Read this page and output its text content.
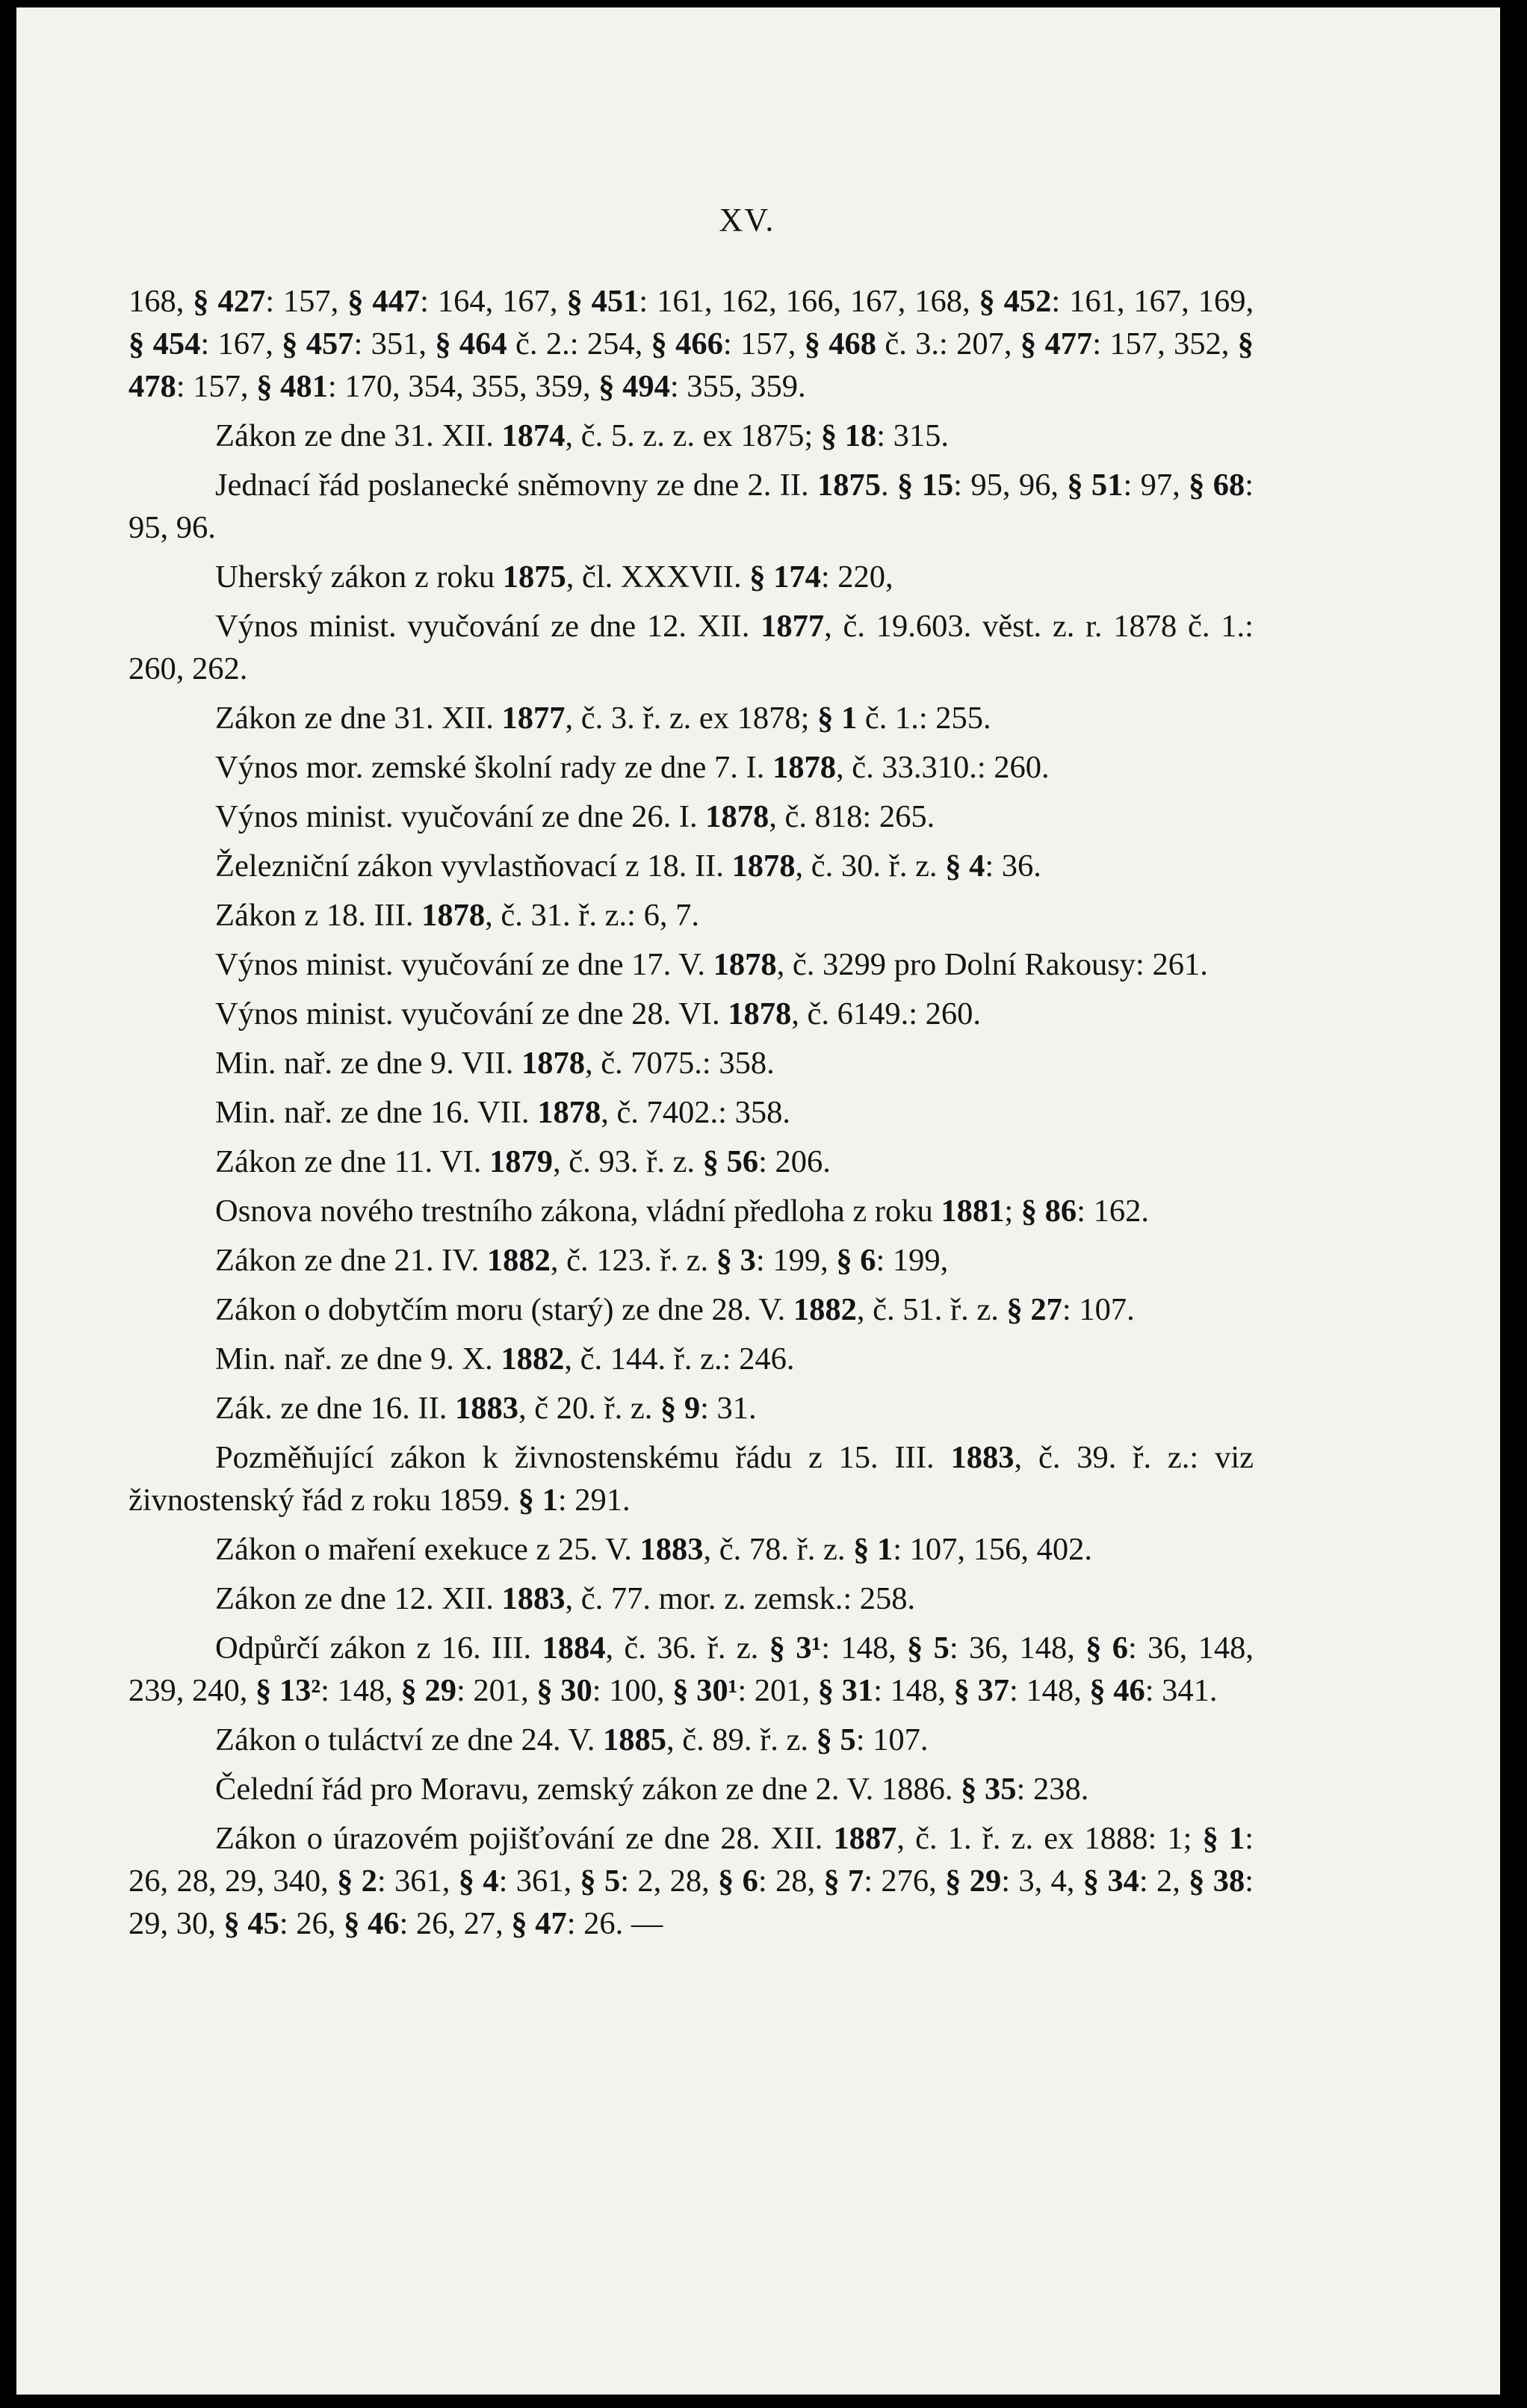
XV.

168, § 427: 157, § 447: 164, 167, § 451: 161, 162, 166, 167, 168, § 452: 161, 167, 169, § 454: 167, § 457: 351, § 464 č. 2.: 254, § 466: 157, § 468 č. 3.: 207, § 477: 157, 352, § 478: 157, § 481: 170, 354, 355, 359, § 494: 355, 359.

Zákon ze dne 31. XII. 1874, č. 5. z. z. ex 1875; § 18: 315.

Jednací řád poslanecké sněmovny ze dne 2. II. 1875. § 15: 95, 96, § 51: 97, § 68: 95, 96.

Uherský zákon z roku 1875, čl. XXXVII. § 174: 220,

Výnos minist. vyučování ze dne 12. XII. 1877, č. 19.603. věst. z. r. 1878 č. 1.: 260, 262.

Zákon ze dne 31. XII. 1877, č. 3. ř. z. ex 1878; § 1 č. 1.: 255.

Výnos mor. zemské školní rady ze dne 7. I. 1878, č. 33.310.: 260.

Výnos minist. vyučování ze dne 26. I. 1878, č. 818: 265.

Železniční zákon vyvlastňovací z 18. II. 1878, č. 30. ř. z. § 4: 36.

Zákon z 18. III. 1878, č. 31. ř. z.: 6, 7.

Výnos minist. vyučování ze dne 17. V. 1878, č. 3299 pro Dolní Rakousy: 261.

Výnos minist. vyučování ze dne 28. VI. 1878, č. 6149.: 260.

Min. nař. ze dne 9. VII. 1878, č. 7075.: 358.

Min. nař. ze dne 16. VII. 1878, č. 7402.: 358.

Zákon ze dne 11. VI. 1879, č. 93. ř. z. § 56: 206.

Osnova nového trestního zákona, vládní předloha z roku 1881; § 86: 162.

Zákon ze dne 21. IV. 1882, č. 123. ř. z. § 3: 199, § 6: 199,

Zákon o dobytčím moru (starý) ze dne 28. V. 1882, č. 51. ř. z. § 27: 107.

Min. nař. ze dne 9. X. 1882, č. 144. ř. z.: 246.

Zák. ze dne 16. II. 1883, č 20. ř. z. § 9: 31.

Pozměňující zákon k živnostenskému řádu z 15. III. 1883, č. 39. ř. z.: viz živnostenský řád z roku 1859. § 1: 291.

Zákon o maření exekuce z 25. V. 1883, č. 78. ř. z. § 1: 107, 156, 402.

Zákon ze dne 12. XII. 1883, č. 77. mor. z. zemsk.: 258.

Odpůrčí zákon z 16. III. 1884, č. 36. ř. z. § 3¹: 148, § 5: 36, 148, § 6: 36, 148, 239, 240, § 13²: 148, § 29: 201, § 30: 100, § 30¹: 201, § 31: 148, § 37: 148, § 46: 341.

Zákon o tuláctví ze dne 24. V. 1885, č. 89. ř. z. § 5: 107.

Čelední řád pro Moravu, zemský zákon ze dne 2. V. 1886. § 35: 238.

Zákon o úrazovém pojišťování ze dne 28. XII. 1887, č. 1. ř. z. ex 1888: 1; § 1: 26, 28, 29, 340, § 2: 361, § 4: 361, § 5: 2, 28, § 6: 28, § 7: 276, § 29: 3, 4, § 34: 2, § 38: 29, 30, § 45: 26, § 46: 26, 27, § 47: 26. —
